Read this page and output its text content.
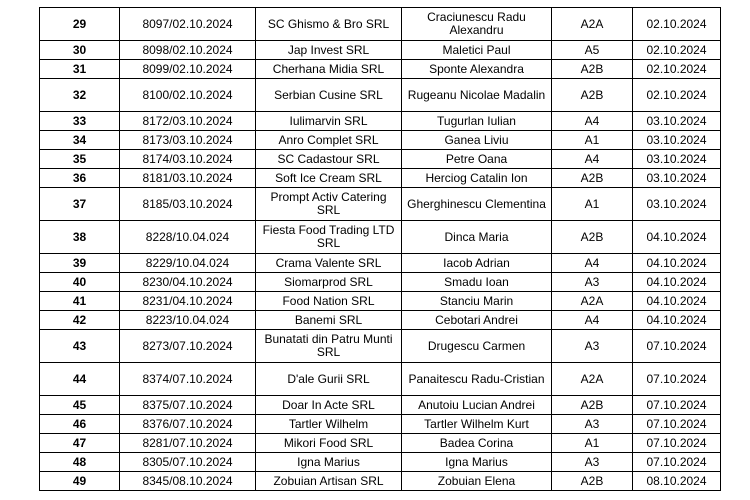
29	8097/02.10.2024	SC Ghismo & Bro SRL	Craciunescu Radu Alexandru	A2A	02.10.2024
30	8098/02.10.2024	Jap Invest SRL	Maletici Paul	A5	02.10.2024
31	8099/02.10.2024	Cherhana Midia SRL	Sponte Alexandra	A2B	02.10.2024
32	8100/02.10.2024	Serbian Cusine SRL	Rugeanu Nicolae Madalin	A2B	02.10.2024
33	8172/03.10.2024	Iulimarvin SRL	Tugurlan Iulian	A4	03.10.2024
34	8173/03.10.2024	Anro Complet SRL	Ganea Liviu	A1	03.10.2024
35	8174/03.10.2024	SC Cadastour SRL	Petre Oana	A4	03.10.2024
36	8181/03.10.2024	Soft Ice Cream SRL	Herciog Catalin Ion	A2B	03.10.2024
37	8185/03.10.2024	Prompt Activ Catering SRL	Gherghinescu Clementina	A1	03.10.2024
38	8228/10.04.024	Fiesta Food Trading LTD SRL	Dinca Maria	A2B	04.10.2024
39	8229/10.04.024	Crama Valente SRL	Iacob Adrian	A4	04.10.2024
40	8230/04.10.2024	Siomarprod SRL	Smadu Ioan	A3	04.10.2024
41	8231/04.10.2024	Food Nation SRL	Stanciu Marin	A2A	04.10.2024
42	8223/10.04.024	Banemi SRL	Cebotari Andrei	A4	04.10.2024
43	8273/07.10.2024	Bunatati din Patru Munti SRL	Drugescu Carmen	A3	07.10.2024
44	8374/07.10.2024	D'ale Gurii SRL	Panaitescu Radu-Cristian	A2A	07.10.2024
45	8375/07.10.2024	Doar In Acte SRL	Anutoiu Lucian Andrei	A2B	07.10.2024
46	8376/07.10.2024	Tartler Wilhelm	Tartler Wilhelm Kurt	A3	07.10.2024
47	8281/07.10.2024	Mikori Food SRL	Badea Corina	A1	07.10.2024
48	8305/07.10.2024	Igna Marius	Igna Marius	A3	07.10.2024
49	8345/08.10.2024	Zobuian Artisan SRL	Zobuian Elena	A2B	08.10.2024
